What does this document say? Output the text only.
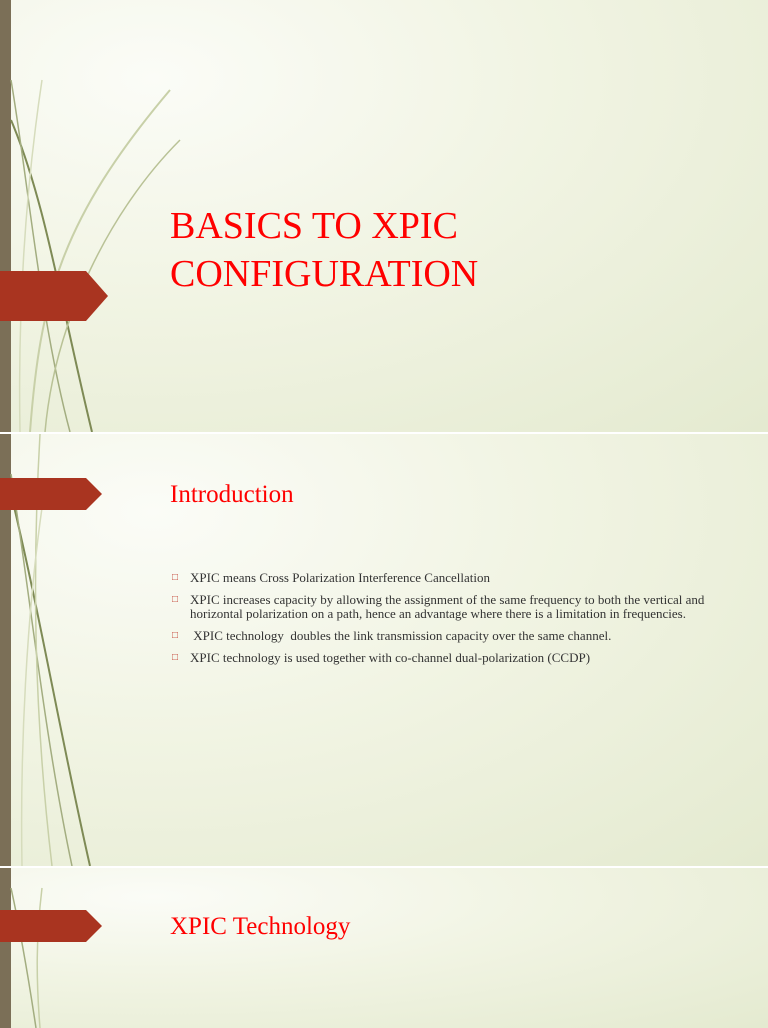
BASICS TO XPIC
CONFIGURATION
Introduction
□ XPIC means Cross Polarization Interference Cancellation
□ XPIC increases capacity by allowing the assignment of the same frequency to both the vertical and horizontal polarization on a path, hence an advantage where there is a limitation in frequencies.
□ XPIC technology  doubles the link transmission capacity over the same channel.
□ XPIC technology is used together with co-channel dual-polarization (CCDP)
XPIC Technology
